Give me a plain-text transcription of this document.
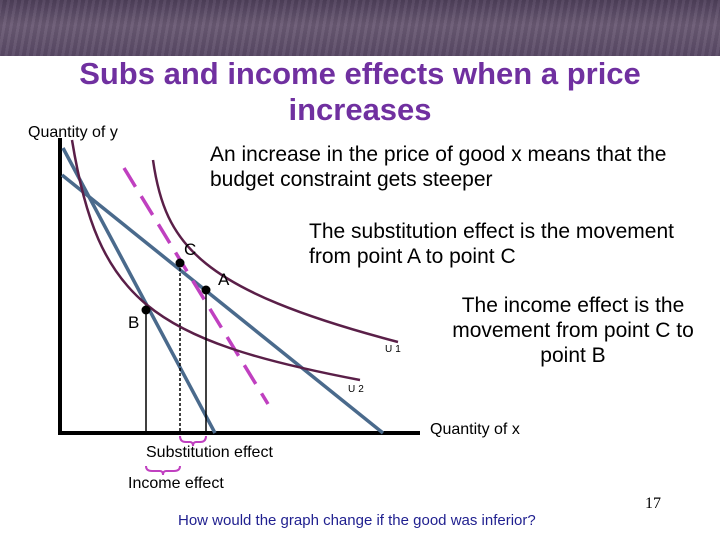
Subs and income effects when a price increases

Quantity of y

An increase in the price of good x means that the budget constraint gets steeper

The substitution effect is the movement from point A to point C

The income effect is the movement from point C to point B

C
A
B
U1
U2

Quantity of x

Substitution effect

Income effect

17

How would the graph change if the good was inferior?
